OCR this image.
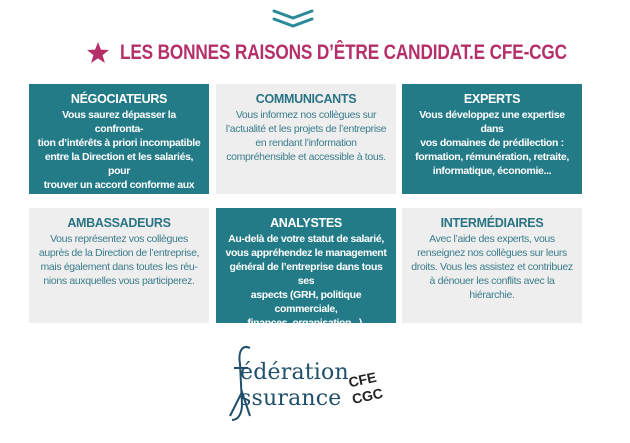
LES BONNES RAISONS D’ÊTRE CANDIDAT.E CFE-CGC
NÉGOCIATEURS

Vous saurez dépasser la confronta-
tion d’intérêts à priori incompatible
entre la Direction et les salariés, pour
trouver un accord conforme aux
intérêts de vos collègues.

COMMUNICANTS

Vous informez nos collègues sur
l’actualité et les projets de l’entreprise
en rendant l’information
compréhensible et accessible à tous.

EXPERTS

Vous développez une expertise dans
vos domaines de prédilection :
formation, rémunération, retraite,
informatique, économie...

AMBASSADEURS

Vous représentez vos collègues
auprès de la Direction de l’entreprise,
mais également dans toutes les réu-
nions auxquelles vous participerez.

ANALYSTES

Au-delà de votre statut de salarié,
vous appréhendez le management
général de l’entreprise dans tous ses
aspects (GRH, politique commerciale,
finances, organisation...).

INTERMÉDIAIRES

Avec l’aide des experts, vous
renseignez nos collègues sur leurs
droits. Vous les assistez et contribuez
à dénouer les conflits avec la
hiérarchie.

édération
ssurance
CFE
CGC
